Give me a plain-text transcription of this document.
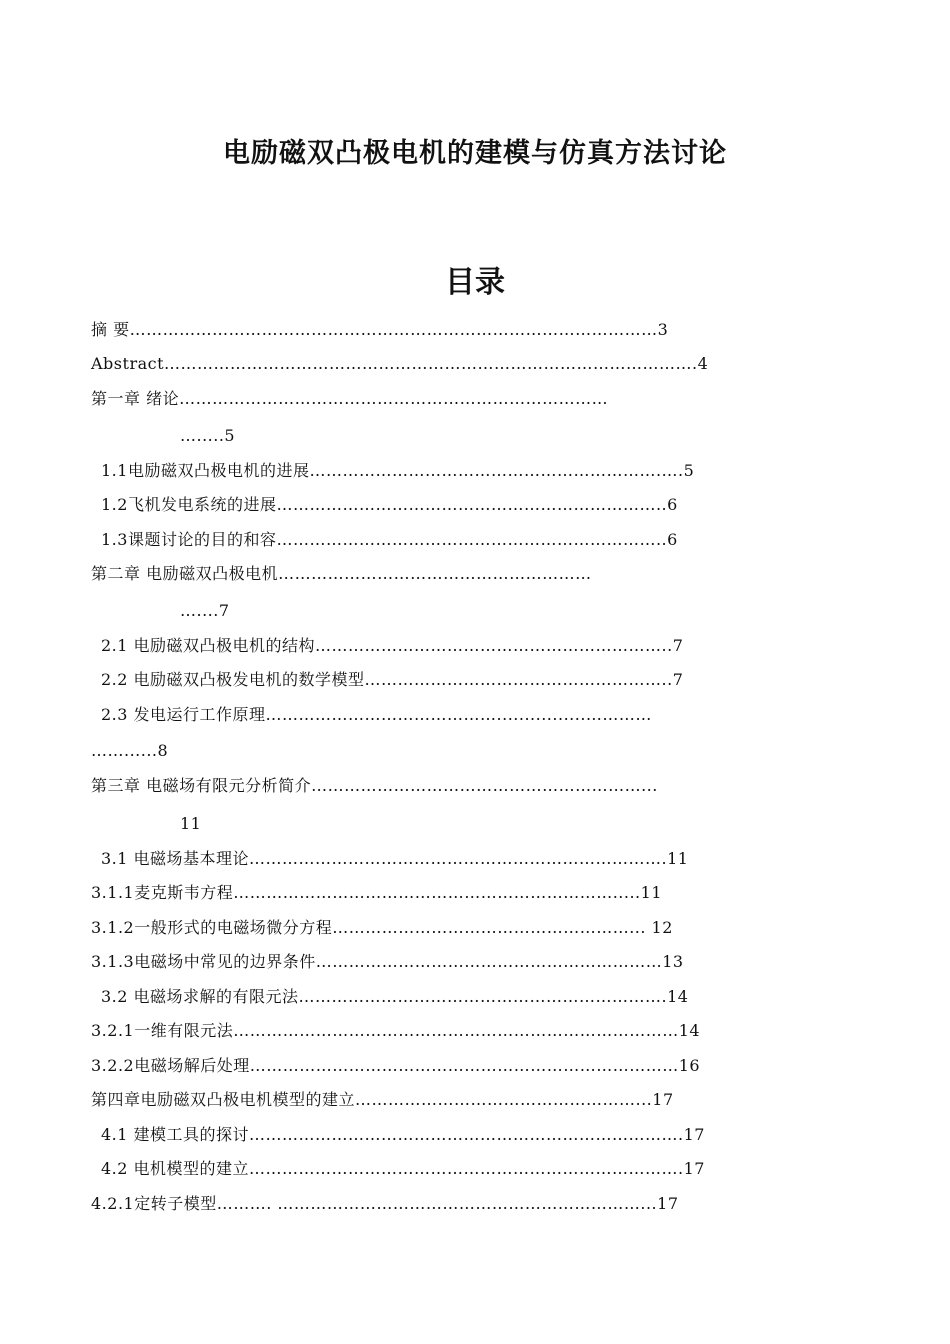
电励磁双凸极电机的建模与仿真方法讨论
目录
摘 要……………………………………………………………………………………3
Abstract…………………………………………………………………………………….4
第一章 绪论……………………………………………………………………
….....5
1.1电励磁双凸极电机的进展……………………………………………………….….5
1.2飞机发电系统的进展……………………………………………………………..6
1.3课题讨论的目的和容……………………………………………………………..6
第二章 电励磁双凸极电机…………………………………………………
…....7
2.1 电励磁双凸极电机的结构………………………………………………………..7
2.2 电励磁双凸极发电机的数学模型………………………………………………..7
2.3 发电运行工作原理……………………………………................…………
……......8
第三章 电磁场有限元分析简介……………………………………………………...
11
3.1 电磁场基本理论………………………………………………………………….11
3.1.1麦克斯韦方程…………………………………………………………….....11
3.1.2一般形式的电磁场微分方程………………………………………………... 12
3.1.3电磁场中常见的边界条件………………………………………………………13
3.2 电磁场求解的有限元法………………………………………………………….14
3.2.1一维有限元法………………………………………………………………………14
3.2.2电磁场解后处理……………………………………………………………………16
第四章电励磁双凸极电机模型的建立……………………………………………...17
4.1 建模工具的探讨…………………………………………………………………….17
4.2 电机模型的建立…………………………………………………………………….17
4.2.1定转子模型………. …………………………………………………………...17
